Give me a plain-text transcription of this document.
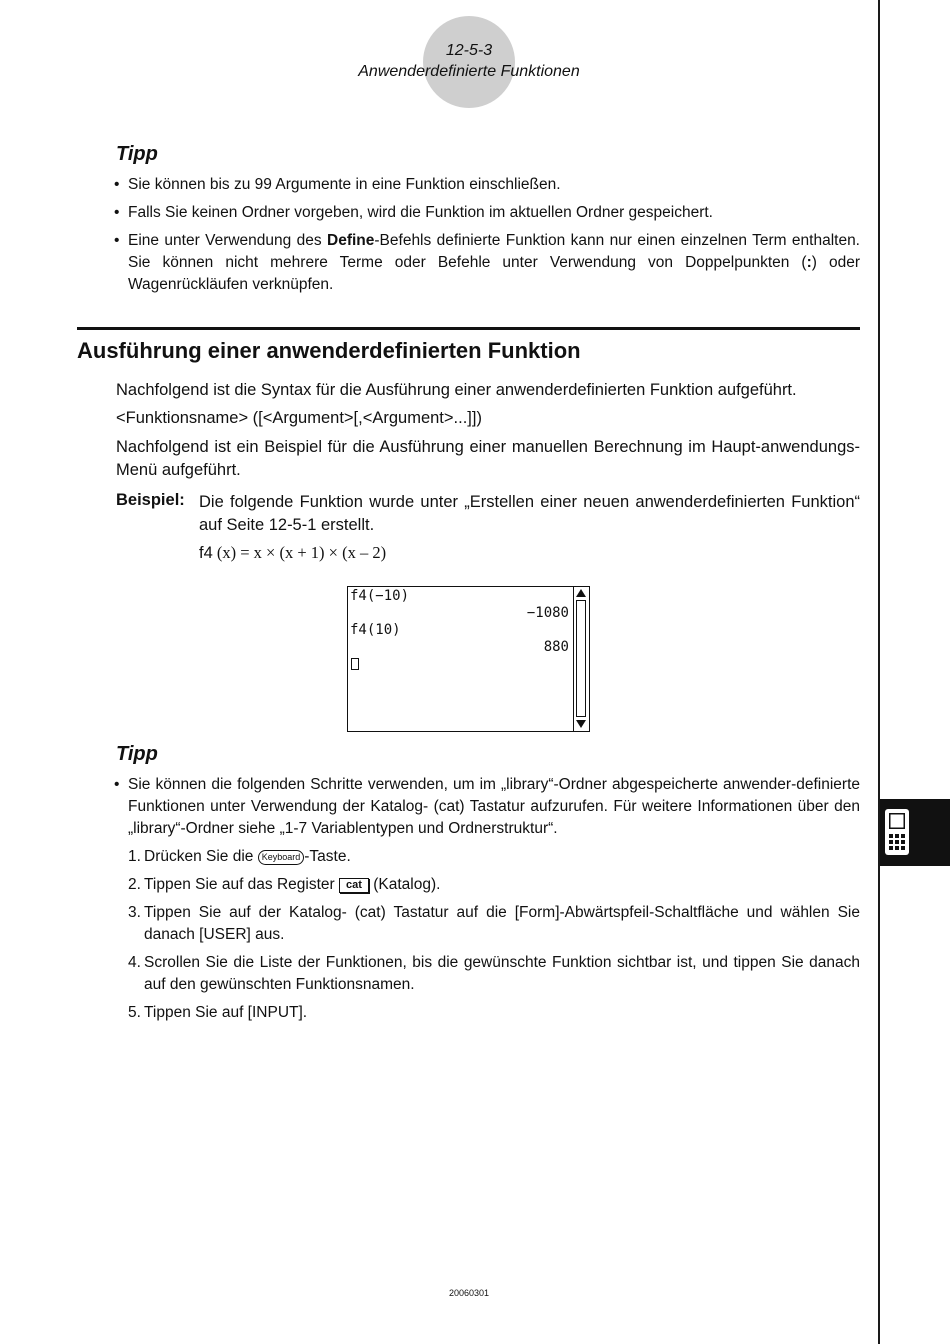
12-5-3
Anwenderdefinierte Funktionen
Tipp
• Sie können bis zu 99 Argumente in eine Funktion einschließen.
• Falls Sie keinen Ordner vorgeben, wird die Funktion im aktuellen Ordner gespeichert.
• Eine unter Verwendung des Define-Befehls definierte Funktion kann nur einen einzelnen Term enthalten. Sie können nicht mehrere Terme oder Befehle unter Verwendung von Doppelpunkten (:) oder Wagenrückläufen verknüpfen.
Ausführung einer anwenderdefinierten Funktion
Nachfolgend ist die Syntax für die Ausführung einer anwenderdefinierten Funktion aufgeführt.
<Funktionsname> ([<Argument>[,<Argument>...]])
Nachfolgend ist ein Beispiel für die Ausführung einer manuellen Berechnung im Haupt-anwendungs-Menü aufgeführt.
Beispiel: Die folgende Funktion wurde unter „Erstellen einer neuen anwenderdefinierten Funktion“ auf Seite 12-5-1 erstellt.
f4 (x) = x × (x + 1) × (x – 2)
f4(−10)
−1080
f4(10)
880
Tipp
• Sie können die folgenden Schritte verwenden, um im „library“-Ordner abgespeicherte anwender-definierte Funktionen unter Verwendung der Katalog- (cat) Tastatur aufzurufen. Für weitere Informationen über den „library“-Ordner siehe „1-7 Variablentypen und Ordnerstruktur“.
1. Drücken Sie die Keyboard -Taste.
2. Tippen Sie auf das Register cat (Katalog).
3. Tippen Sie auf der Katalog- (cat) Tastatur auf die [Form]-Abwärtspfeil-Schaltfläche und wählen Sie danach [USER] aus.
4. Scrollen Sie die Liste der Funktionen, bis die gewünschte Funktion sichtbar ist, und tippen Sie danach auf den gewünschten Funktionsnamen.
5. Tippen Sie auf [INPUT].
20060301
